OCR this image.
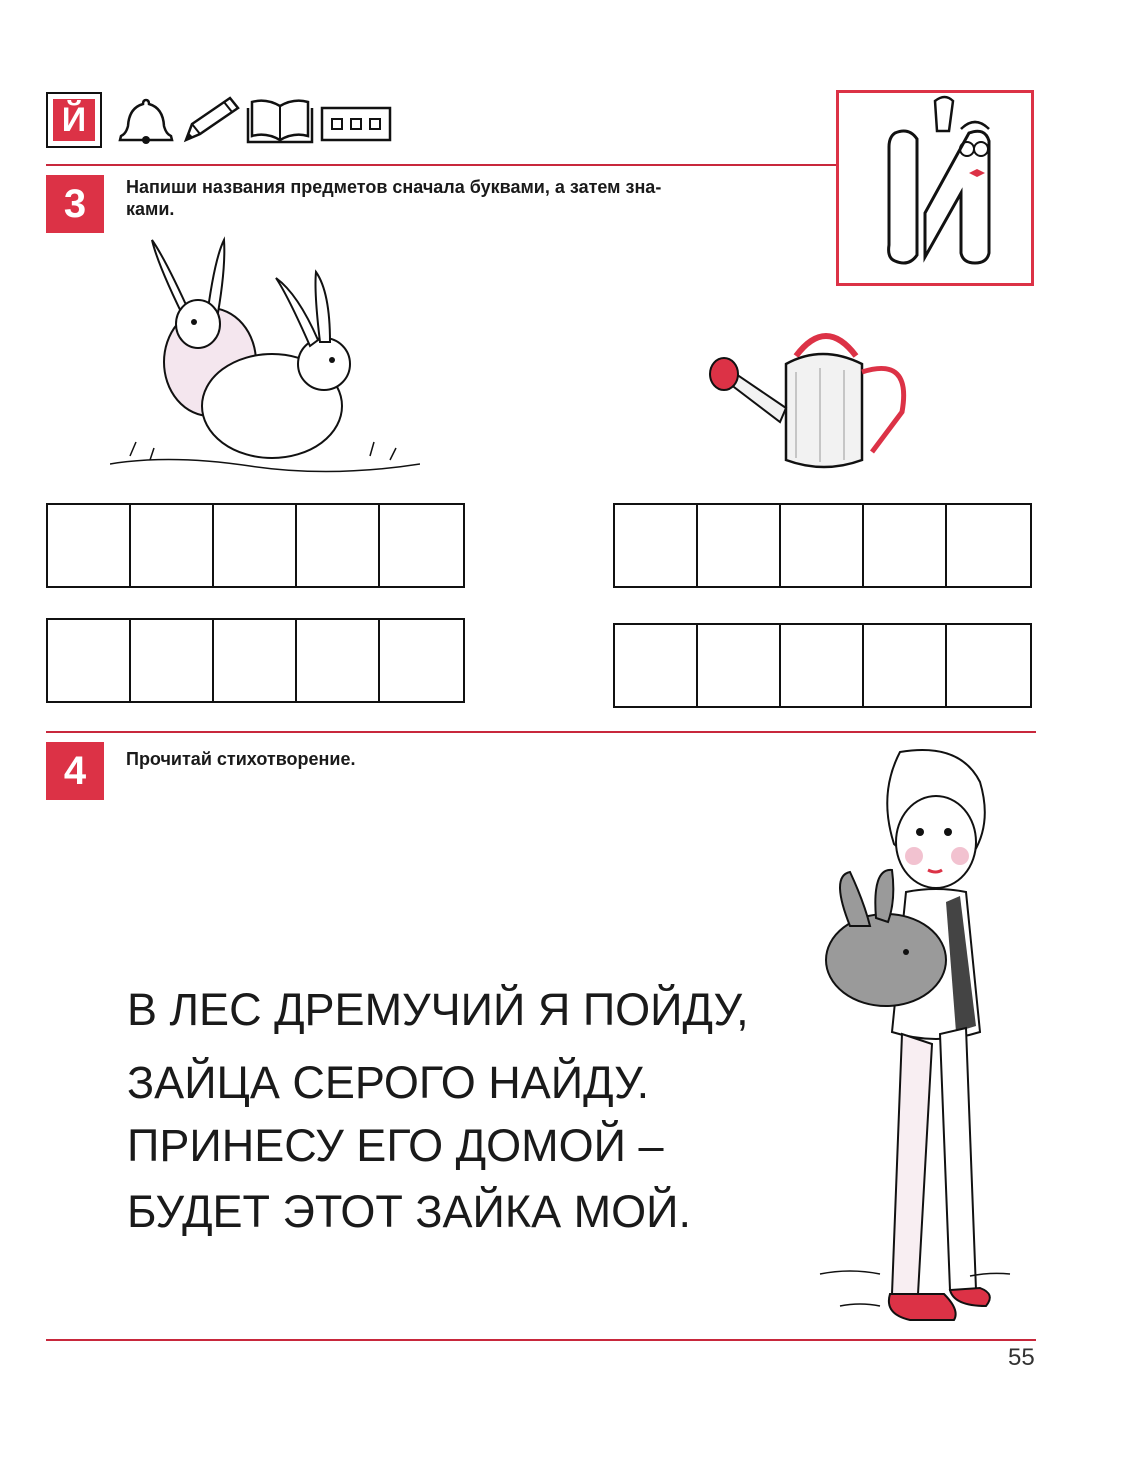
Й
3	Напиши названия предметов сначала буквами, а затем зна-
ками.
4	Прочитай стихотворение.
В ЛЕС ДРЕМУЧИЙ Я ПОЙДУ,
ЗАЙЦА СЕРОГО НАЙДУ.
ПРИНЕСУ ЕГО ДОМОЙ –
БУДЕТ ЭТОТ ЗАЙКА МОЙ.
55
